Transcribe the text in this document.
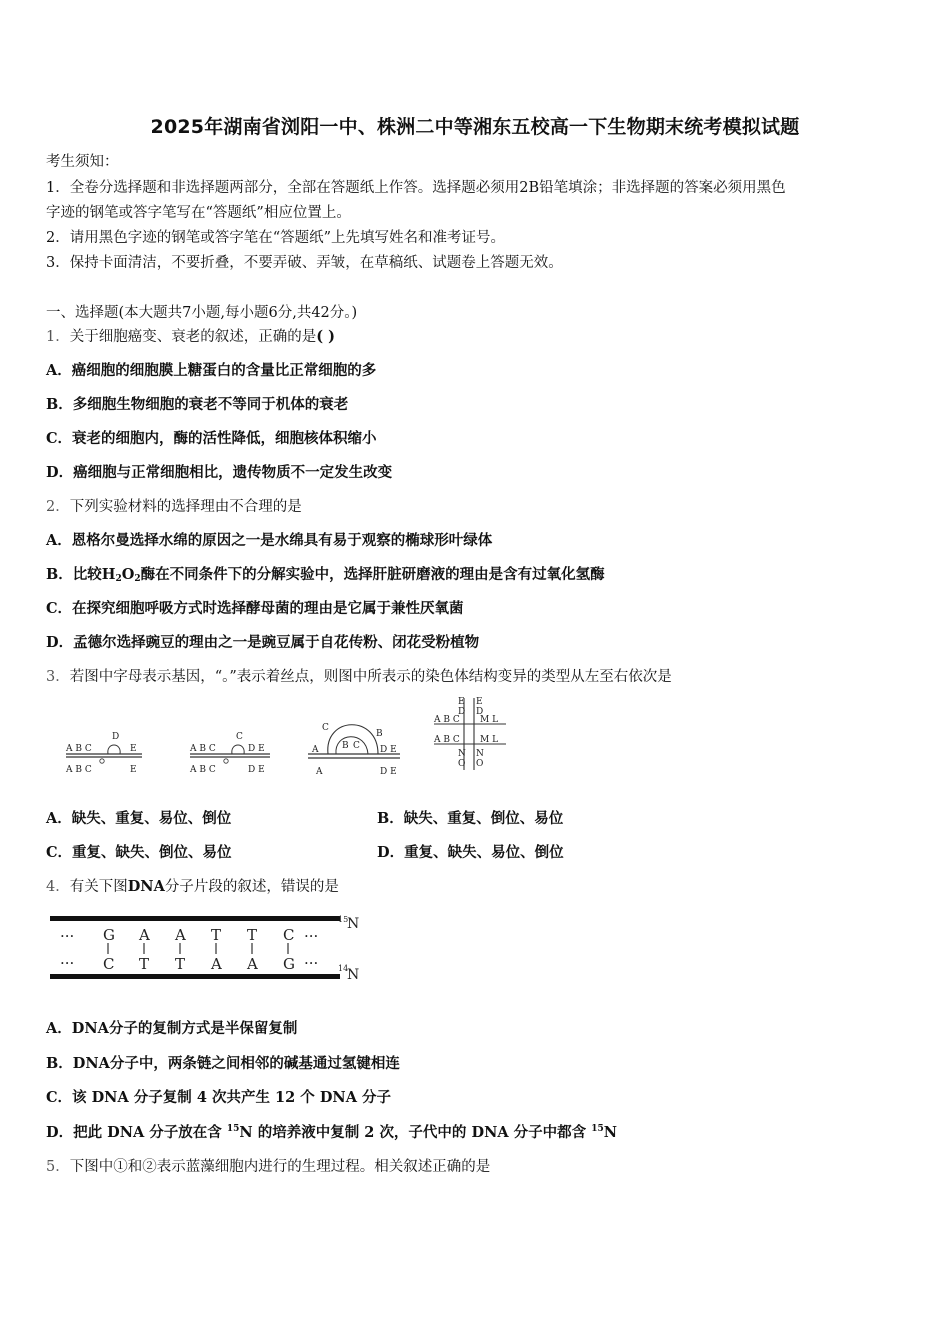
2025年湖南省浏阳一中、株洲二中等湘东五校高一下生物期末统考模拟试题
考生须知：
1．全卷分选择题和非选择题两部分，全部在答题纸上作答。选择题必须用2B铅笔填涂；非选择题的答案必须用黑色
字迹的钢笔或答字笔写在“答题纸”相应位置上。
2．请用黑色字迹的钢笔或答字笔在“答题纸”上先填写姓名和准考证号。
3．保持卡面清洁，不要折叠，不要弄破、弄皱，在草稿纸、试题卷上答题无效。
一、选择题(本大题共7小题,每小题6分,共42分。)
1．关于细胞癌变、衰老的叙述，正确的是( )
A．癌细胞的细胞膜上糖蛋白的含量比正常细胞的多
B．多细胞生物细胞的衰老不等同于机体的衰老
C．衰老的细胞内，酶的活性降低，细胞核体积缩小
D．癌细胞与正常细胞相比，遗传物质不一定发生改变
2．下列实验材料的选择理由不合理的是
A．恩格尔曼选择水绵的原因之一是水绵具有易于观察的椭球形叶绿体
B．比较$H_2O_2$酶在不同条件下的分解实验中，选择肝脏研磨液的理由是含有过氧化氢酶
C．在探究细胞呼吸方式时选择酵母菌的理由是它属于兼性厌氧菌
D．孟德尔选择豌豆的理由之一是豌豆属于自花传粉、闭花受粉植物
3．若图中字母表示基因，“。”表示着丝点，则图中所表示的染色体结构变异的类型从左至右依次是
A B C
D
E
A B C	E
A B C
C
D E
A B C	D E
A	B C
C
B
D E
A	D E
E
D
E
D
A B C M L
A B C M L
N
O
N
O
A．缺失、重复、易位、倒位	B．缺失、重复、倒位、易位
C．重复、缺失、倒位、易位	D．重复、缺失、易位、倒位
4．有关下图DNA分子片段的叙述，错误的是
···
···
···
···
G
C
A
T
A
T
T
A
T
A
C
G
15
N
14
N
A．DNA分子的复制方式是半保留复制
B．DNA分子中，两条链之间相邻的碱基通过氢键相连
C．该 DNA 分子复制 4 次共产生 12 个 DNA 分子
D．把此 DNA 分子放在含 $^{15}$N 的培养液中复制 2 次，子代中的 DNA 分子中都含 $^{15}$N
5．下图中①和②表示蓝藻细胞内进行的生理过程。相关叙述正确的是
